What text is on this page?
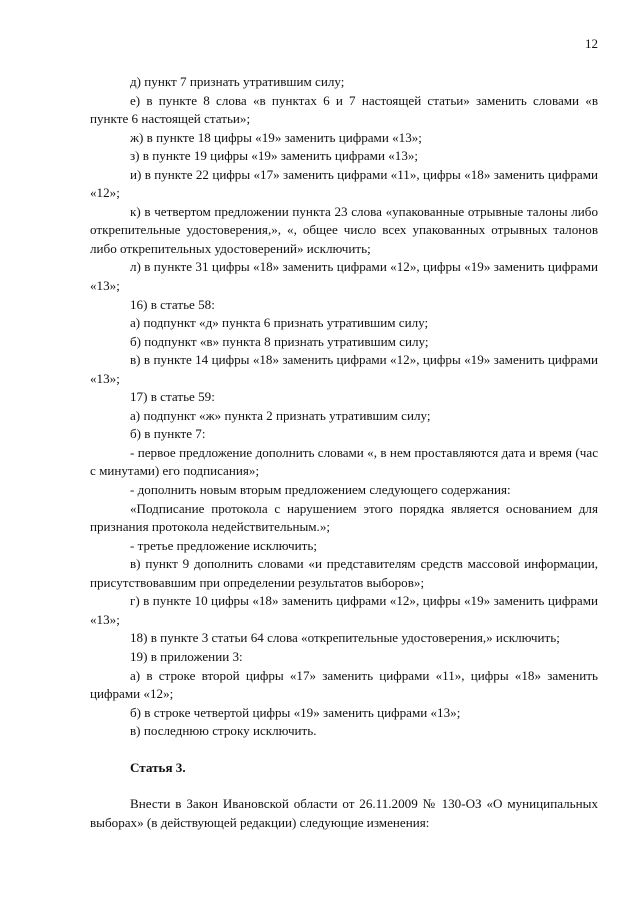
12

д) пункт 7 признать утратившим силу;

е) в пункте 8 слова «в пунктах 6 и 7 настоящей статьи» заменить словами «в пункте 6 настоящей статьи»;

ж) в пункте 18 цифры «19» заменить цифрами «13»;

з) в пункте 19 цифры «19» заменить цифрами «13»;

и) в пункте 22 цифры «17» заменить цифрами «11», цифры «18» заменить цифрами «12»;

к) в четвертом предложении пункта 23 слова «упакованные отрывные талоны либо открепительные удостоверения,», «, общее число всех упакованных отрывных талонов либо открепительных удостоверений» исключить;

л) в пункте 31 цифры «18» заменить цифрами «12», цифры «19» заменить цифрами «13»;

16) в статье 58:

а) подпункт «д» пункта 6 признать утратившим силу;

б) подпункт «в» пункта 8 признать утратившим силу;

в) в пункте 14 цифры «18» заменить цифрами «12», цифры «19» заменить цифрами «13»;

17) в статье 59:

а) подпункт «ж» пункта 2 признать утратившим силу;

б) в пункте 7:

- первое предложение дополнить словами «, в нем проставляются дата и время (час с минутами) его подписания»;

- дополнить новым вторым предложением следующего содержания:

«Подписание протокола с нарушением этого порядка является основанием для признания протокола недействительным.»;

- третье предложение исключить;

в) пункт 9 дополнить словами «и представителям средств массовой информации, присутствовавшим при определении результатов выборов»;

г) в пункте 10 цифры «18» заменить цифрами «12», цифры «19» заменить цифрами «13»;

18) в пункте 3 статьи 64 слова «открепительные удостоверения,» исключить;

19) в приложении 3:

а) в строке второй цифры «17» заменить цифрами «11», цифры «18» заменить цифрами «12»;

б) в строке четвертой цифры «19» заменить цифрами «13»;

в) последнюю строку исключить.

Статья 3.

Внести в Закон Ивановской области от 26.11.2009 № 130-ОЗ «О муниципальных выборах» (в действующей редакции) следующие изменения:
